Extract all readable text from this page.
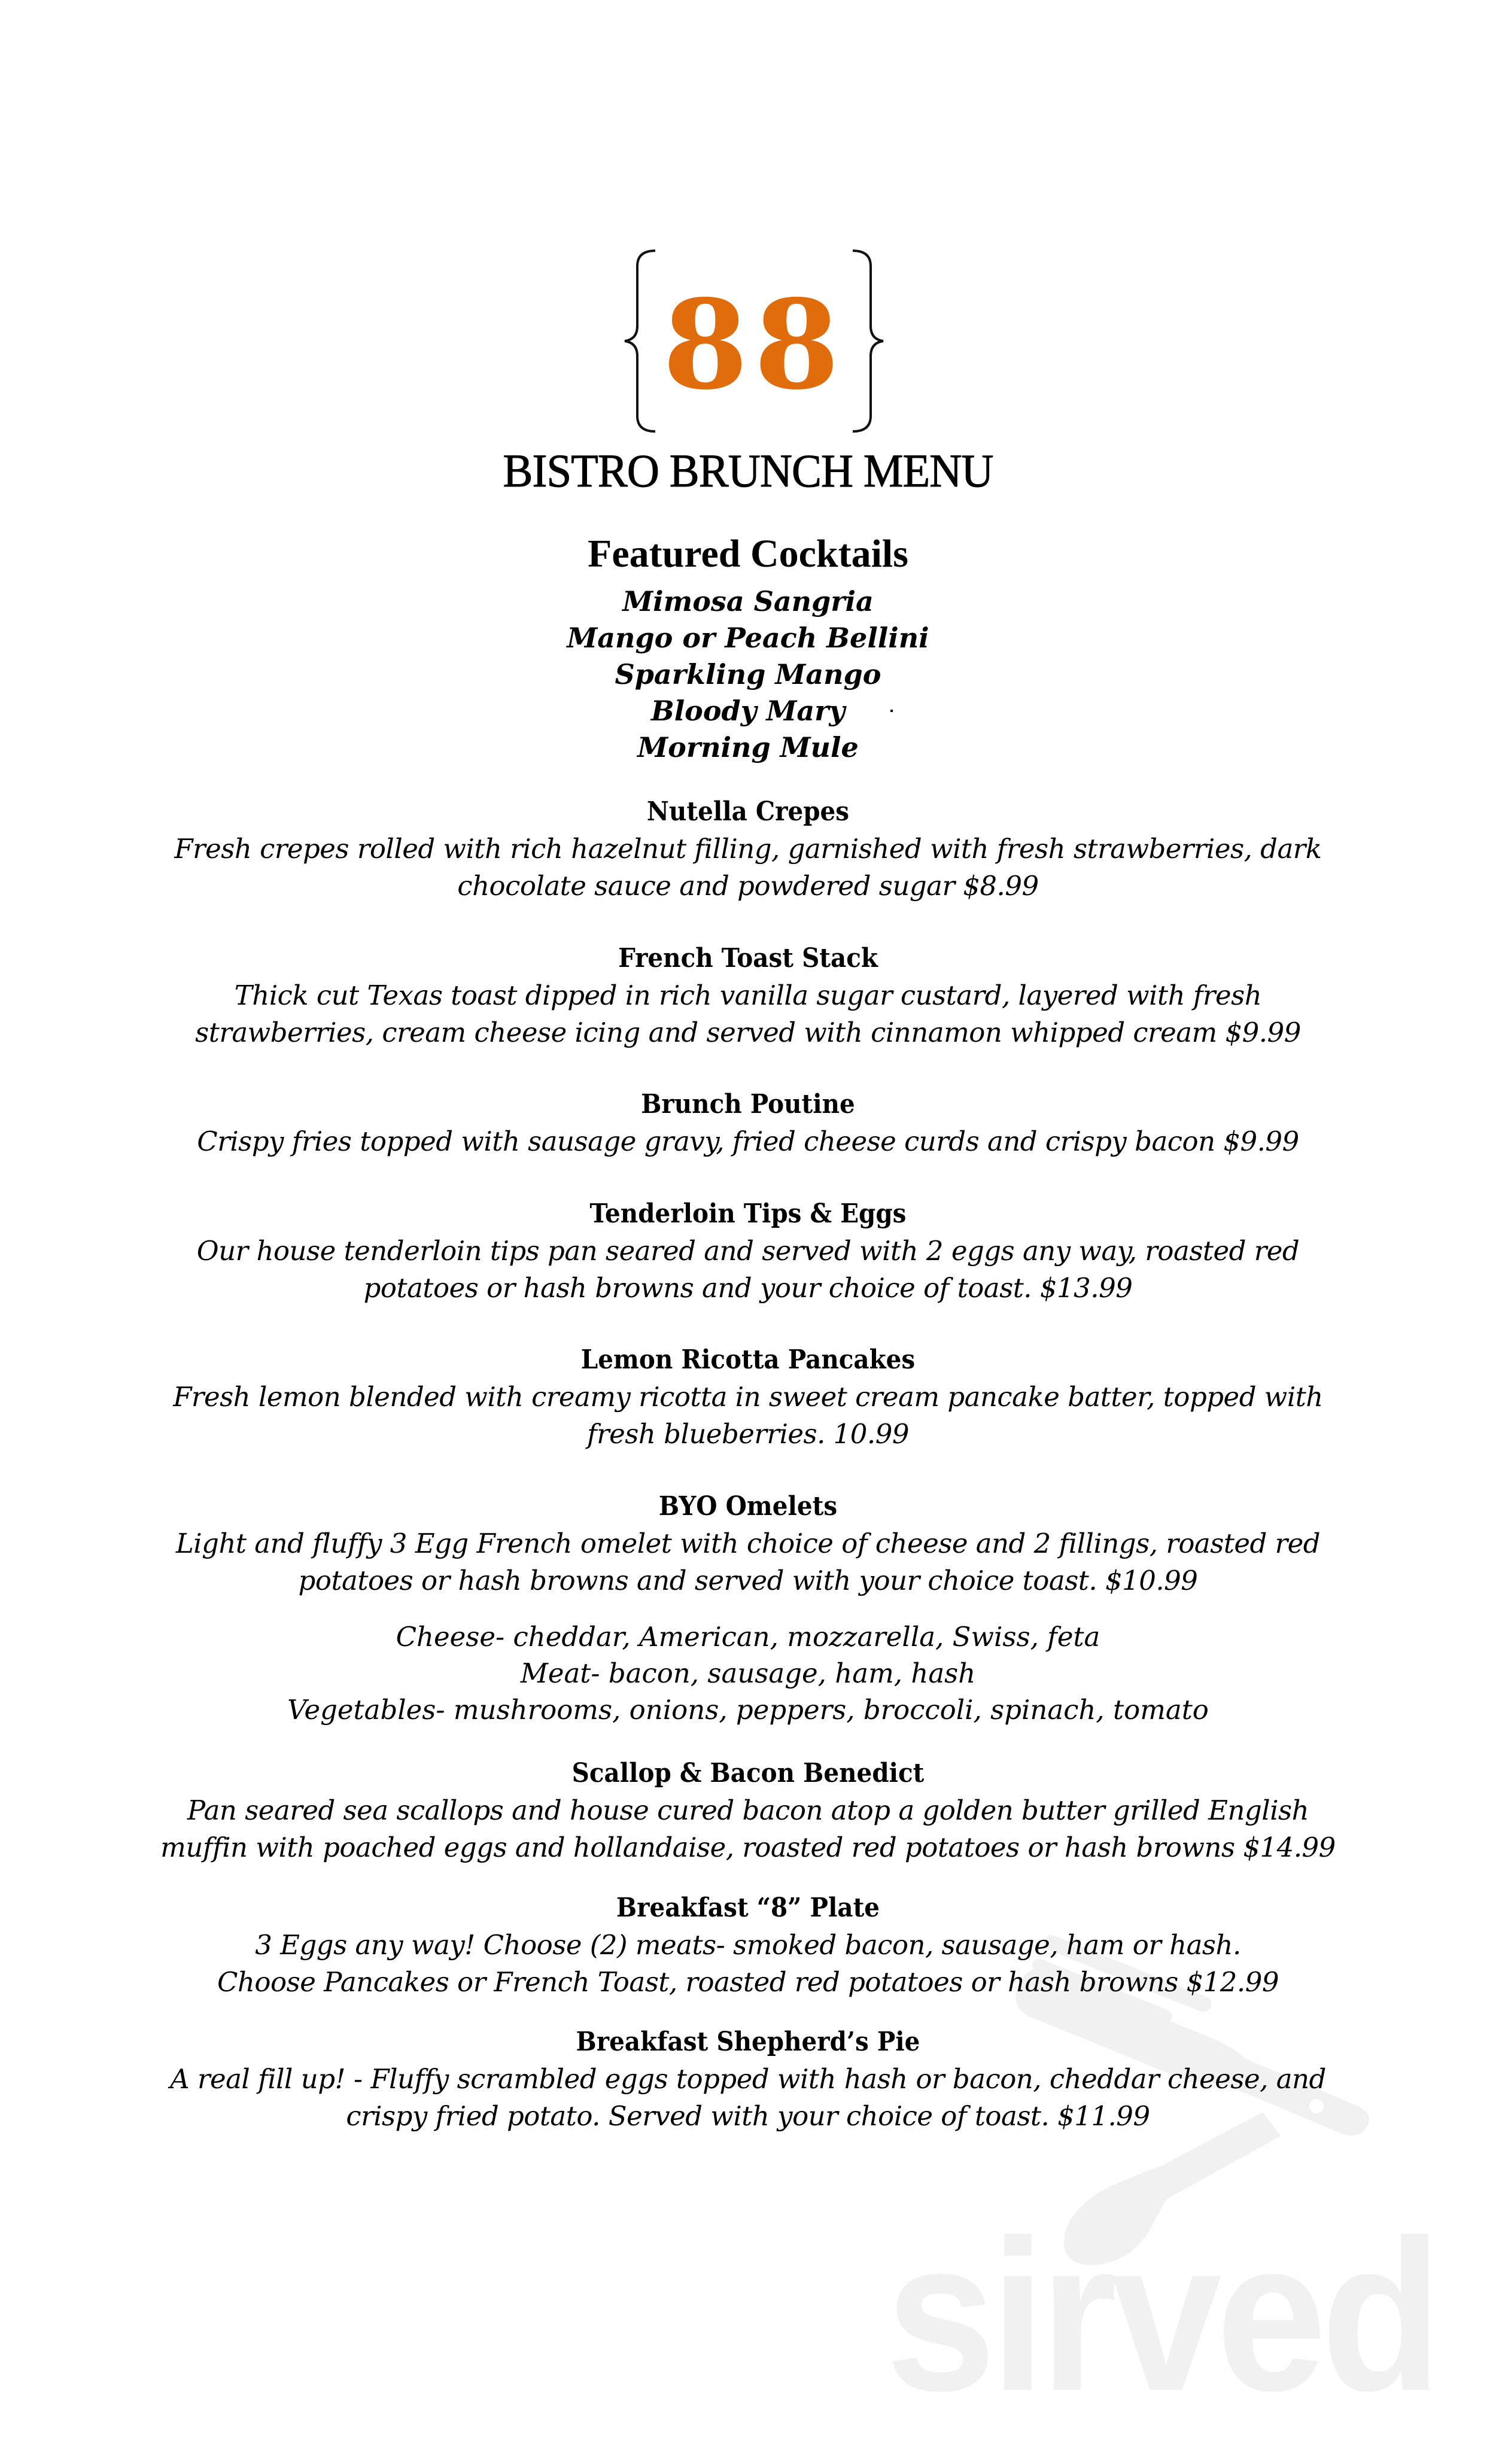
sirved
88
BISTRO BRUNCH MENU
Featured Cocktails
Mimosa Sangria
Mango or Peach Bellini
Sparkling Mango
Bloody Mary
Morning Mule
Nutella Crepes
Fresh crepes rolled with rich hazelnut filling, garnished with fresh strawberries, dark
chocolate sauce and powdered sugar $8.99
French Toast Stack
Thick cut Texas toast dipped in rich vanilla sugar custard, layered with fresh
strawberries, cream cheese icing and served with cinnamon whipped cream $9.99
Brunch Poutine
Crispy fries topped with sausage gravy, fried cheese curds and crispy bacon $9.99
Tenderloin Tips & Eggs
Our house tenderloin tips pan seared and served with 2 eggs any way, roasted red
potatoes or hash browns and your choice of toast. $13.99
Lemon Ricotta Pancakes
Fresh lemon blended with creamy ricotta in sweet cream pancake batter, topped with
fresh blueberries. 10.99
BYO Omelets
Light and fluffy 3 Egg French omelet with choice of cheese and 2 fillings, roasted red
potatoes or hash browns and served with your choice toast. $10.99
Cheese- cheddar, American, mozzarella, Swiss, feta
Meat- bacon, sausage, ham, hash
Vegetables- mushrooms, onions, peppers, broccoli, spinach, tomato
Scallop & Bacon Benedict
Pan seared sea scallops and house cured bacon atop a golden butter grilled English
muffin with poached eggs and hollandaise, roasted red potatoes or hash browns $14.99
Breakfast “8” Plate
3 Eggs any way! Choose (2) meats- smoked bacon, sausage, ham or hash.
Choose Pancakes or French Toast, roasted red potatoes or hash browns $12.99
Breakfast Shepherd’s Pie
A real fill up! - Fluffy scrambled eggs topped with hash or bacon, cheddar cheese, and
crispy fried potato. Served with your choice of toast. $11.99
